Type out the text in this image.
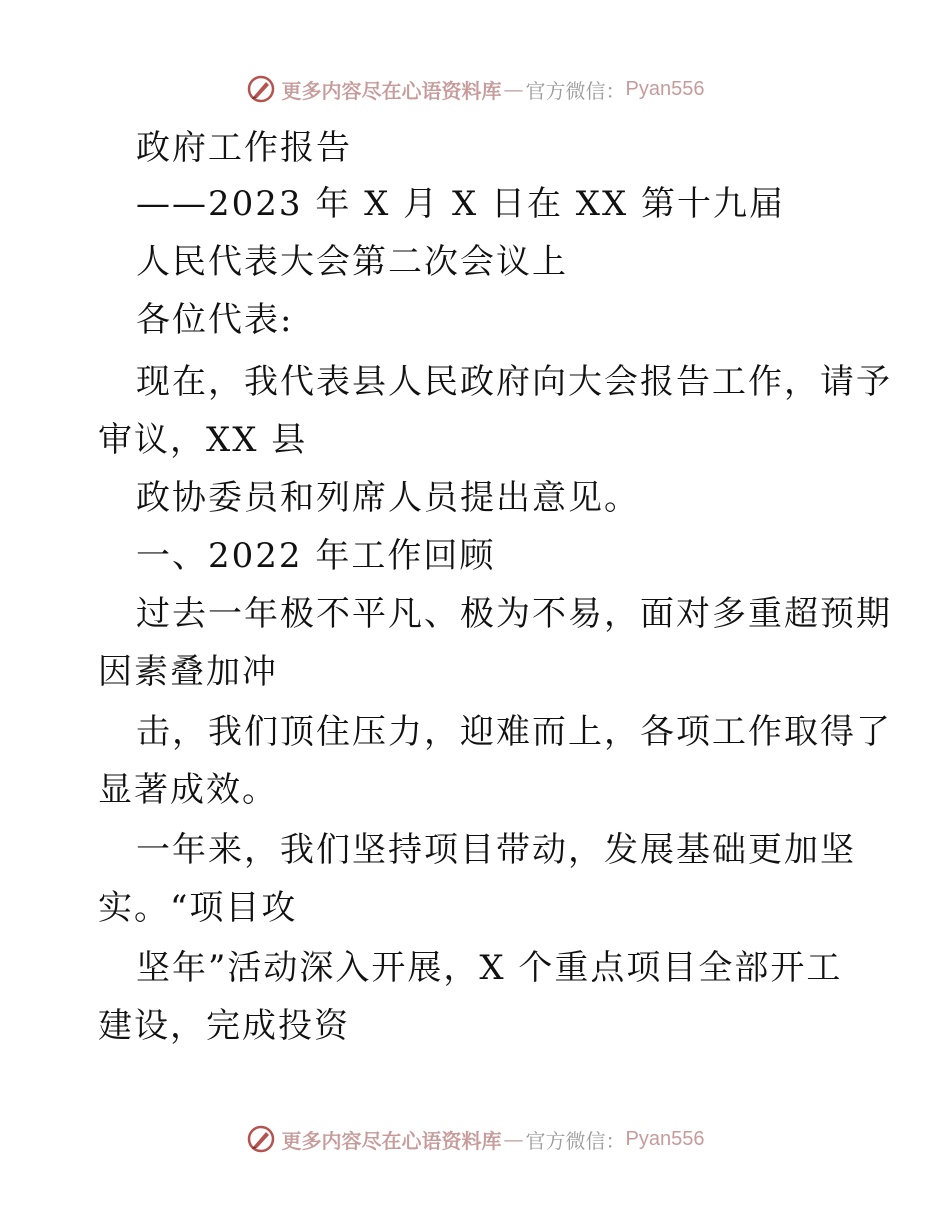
更多内容尽在心语资料库 — 官方微信： Pyan556
政府工作报告
——2023 年 X 月 X 日在 XX 第十九届
人民代表大会第二次会议上
各位代表:
现在，我代表县人民政府向大会报告工作，请予
审议，XX 县
政协委员和列席人员提出意见。
一、2022 年工作回顾
过去一年极不平凡、极为不易，面对多重超预期
因素叠加冲
击，我们顶住压力，迎难而上，各项工作取得了
显著成效。
一年来，我们坚持项目带动，发展基础更加坚
实。“项目攻
坚年”活动深入开展，X 个重点项目全部开工
建设，完成投资
更多内容尽在心语资料库 — 官方微信： Pyan556
